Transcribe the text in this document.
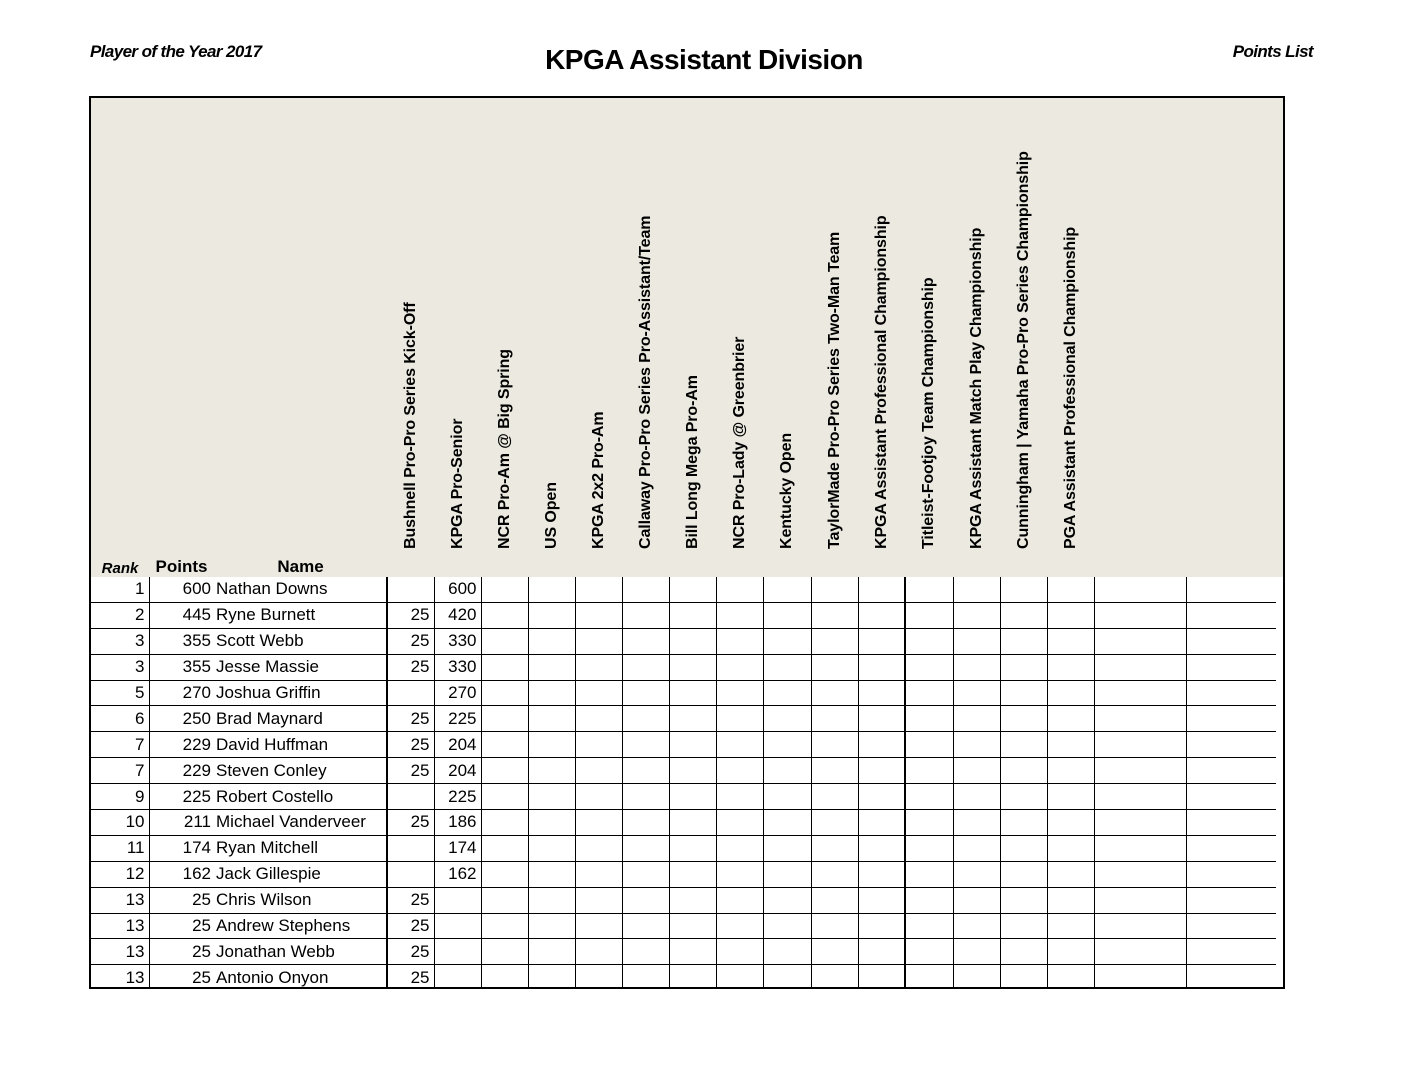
Player of the Year 2017	KPGA Assistant Division	Points List
Rank	Points	Name	Bushnell Pro-Pro Series Kick-Off	KPGA Pro-Senior	NCR Pro-Am @ Big Spring	US Open	KPGA 2x2 Pro-Am	Callaway Pro-Pro Series Pro-Assistant/Team	Bill Long Mega Pro-Am	NCR Pro-Lady @ Greenbrier	Kentucky Open	TaylorMade Pro-Pro Series Two-Man Team	KPGA Assistant Professional Championship	Titleist-Footjoy Team Championship	KPGA Assistant Match Play Championship	Cunningham | Yamaha Pro-Pro Series Championship	PGA Assistant Professional Championship		

1	600	Nathan Downs		600															
2	445	Ryne Burnett	25	420															
3	355	Scott Webb	25	330															
3	355	Jesse Massie	25	330															
5	270	Joshua Griffin		270															
6	250	Brad Maynard	25	225															
7	229	David Huffman	25	204															
7	229	Steven Conley	25	204															
9	225	Robert Costello		225															
10	211	Michael Vanderveer	25	186															
11	174	Ryan Mitchell		174															
12	162	Jack Gillespie		162															
13	25	Chris Wilson	25																
13	25	Andrew Stephens	25																
13	25	Jonathan Webb	25																
13	25	Antonio Onyon	25																
